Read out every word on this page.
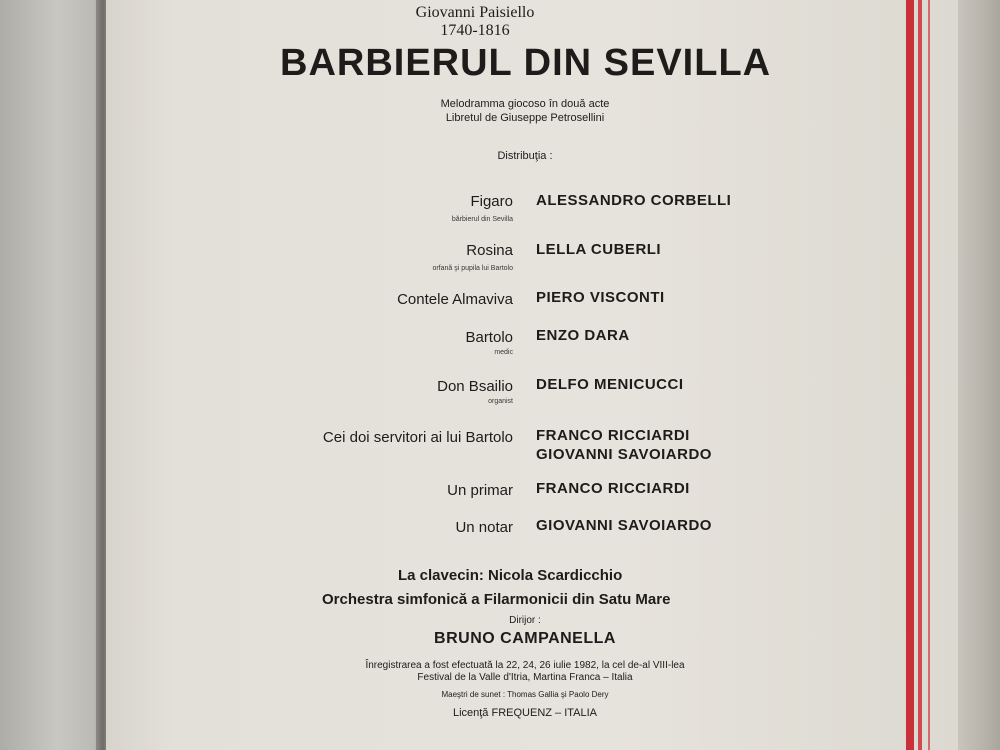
Giovanni Paisiello
1740-1816
BARBIERUL DIN SEVILLA
Melodramma giocoso în două acte
Libretul de Giuseppe Petrosellini
Distribuţia :
Figaro
bărbierul din Sevilla
ALESSANDRO CORBELLI
Rosina
orfană şi pupila lui Bartolo
LELLA CUBERLI
Contele Almaviva PIERO VISCONTI
Bartolo
medic
ENZO DARA
Don Bsailio
organist
DELFO MENICUCCI
Cei doi servitori ai lui Bartolo FRANCO RICCIARDI
GIOVANNI SAVOIARDO
Un primar FRANCO RICCIARDI
Un notar GIOVANNI SAVOIARDO
La clavecin: Nicola Scardicchio
Orchestra simfonică a Filarmonicii din Satu Mare
Dirijor :
BRUNO CAMPANELLA
Înregistrarea a fost efectuată la 22, 24, 26 iulie 1982, la cel de-al VIII-lea
Festival de la Valle d'Itria, Martina Franca – Italia
Maeştri de sunet : Thomas Gallia şi Paolo Dery
Licenţă FREQUENZ – ITALIA
